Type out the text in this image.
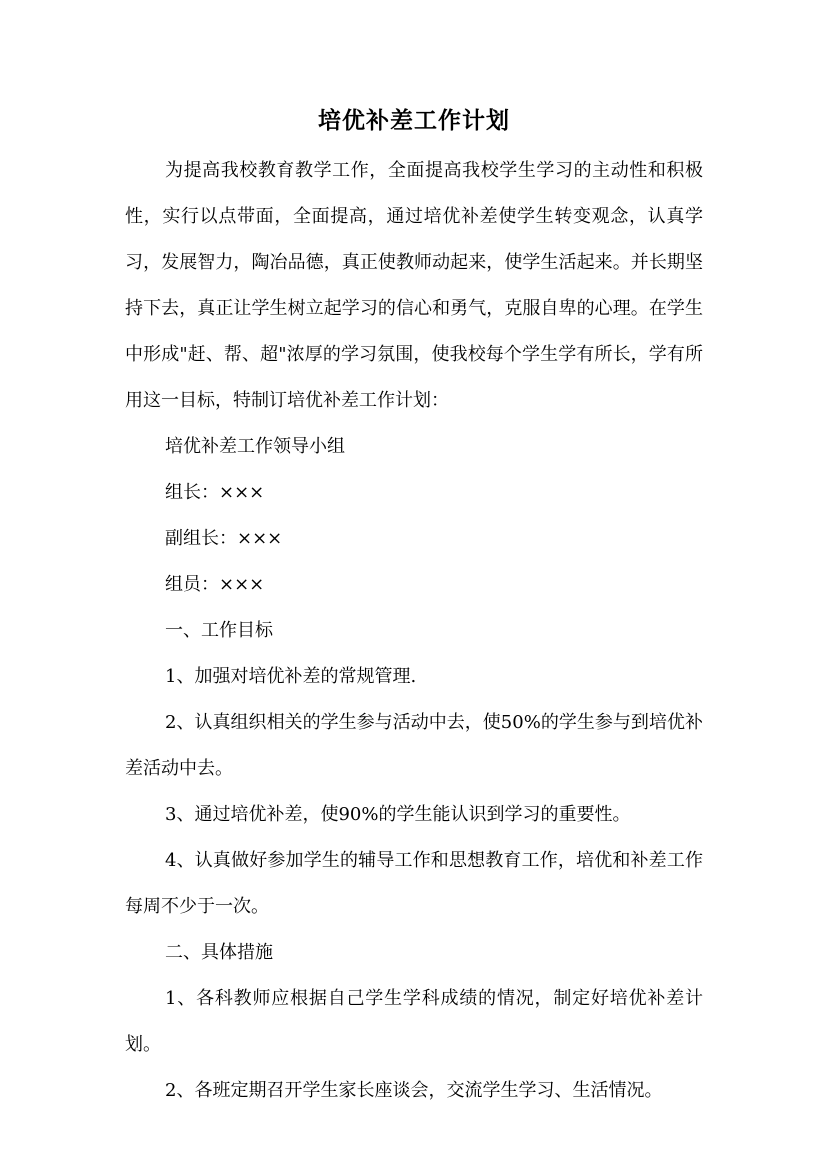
培优补差工作计划

为提高我校教育教学工作，全面提高我校学生学习的主动性和积极性，实行以点带面，全面提高，通过培优补差使学生转变观念，认真学习，发展智力，陶冶品德，真正使教师动起来，使学生活起来。并长期坚持下去，真正让学生树立起学习的信心和勇气，克服自卑的心理。在学生中形成"赶、帮、超"浓厚的学习氛围，使我校每个学生学有所长，学有所用这一目标，特制订培优补差工作计划：

培优补差工作领导小组

组长：×××

副组长：×××

组员：×××

一、工作目标

1、加强对培优补差的常规管理.

2、认真组织相关的学生参与活动中去，使50%的学生参与到培优补差活动中去。

3、通过培优补差，使90%的学生能认识到学习的重要性。

4、认真做好参加学生的辅导工作和思想教育工作，培优和补差工作每周不少于一次。

二、具体措施

1、各科教师应根据自己学生学科成绩的情况，制定好培优补差计划。

2、各班定期召开学生家长座谈会，交流学生学习、生活情况。
